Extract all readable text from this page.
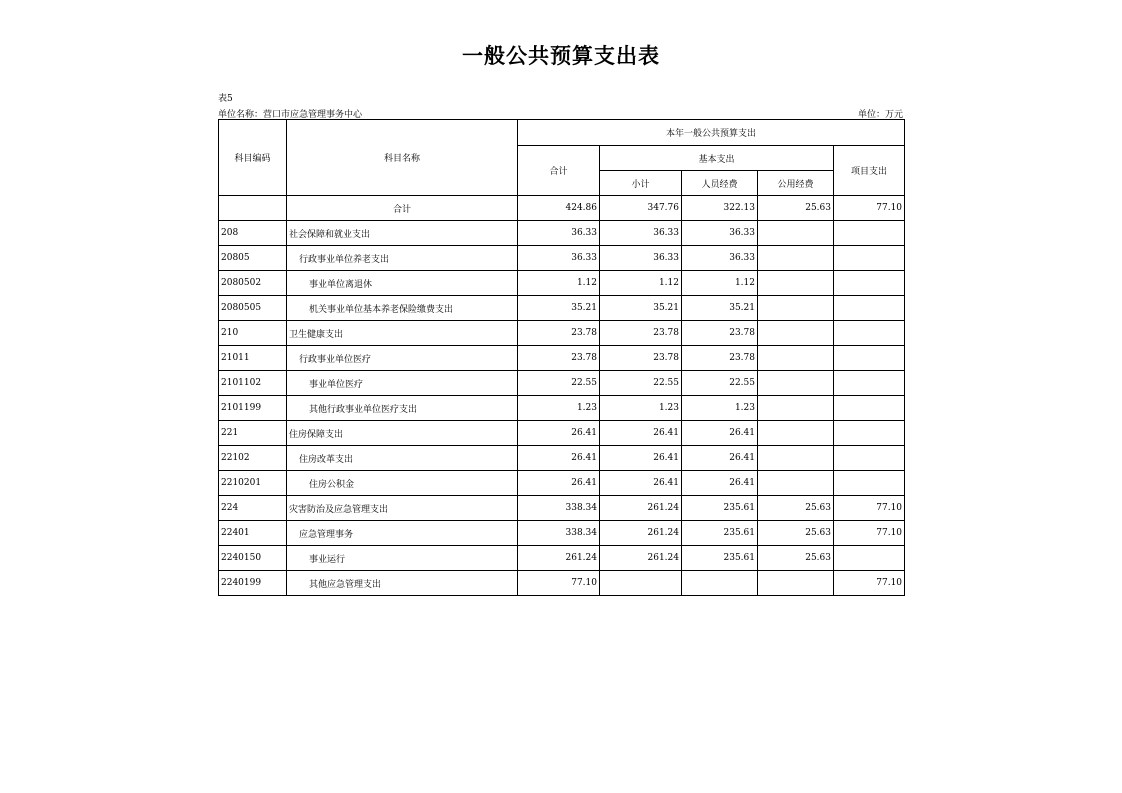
一般公共预算支出表
表5
单位名称：营口市应急管理事务中心	单位：万元
科目编码	科目名称	本年一般公共预算支出				
		合计	基本支出			项目支出
			小计	人员经费	公用经费	
	合计	424.86	347.76	322.13	25.63	77.10
208	社会保障和就业支出	36.33	36.33	36.33		
20805	行政事业单位养老支出	36.33	36.33	36.33		
2080502	事业单位离退休	1.12	1.12	1.12		
2080505	机关事业单位基本养老保险缴费支出	35.21	35.21	35.21		
210	卫生健康支出	23.78	23.78	23.78		
21011	行政事业单位医疗	23.78	23.78	23.78		
2101102	事业单位医疗	22.55	22.55	22.55		
2101199	其他行政事业单位医疗支出	1.23	1.23	1.23		
221	住房保障支出	26.41	26.41	26.41		
22102	住房改革支出	26.41	26.41	26.41		
2210201	住房公积金	26.41	26.41	26.41		
224	灾害防治及应急管理支出	338.34	261.24	235.61	25.63	77.10
22401	应急管理事务	338.34	261.24	235.61	25.63	77.10
2240150	事业运行	261.24	261.24	235.61	25.63	
2240199	其他应急管理支出	77.10				77.10
